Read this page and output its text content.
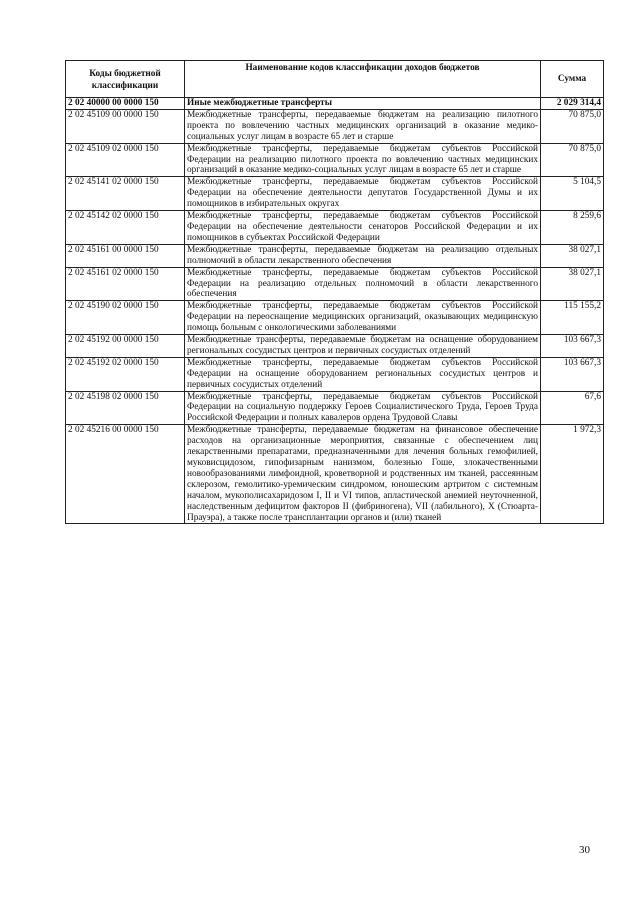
Коды бюджетной классификации	Наименование кодов классификации доходов бюджетов	Сумма
2 02 40000 00 0000 150	Иные межбюджетные трансферты	2 029 314,4
2 02 45109 00 0000 150	Межбюджетные трансферты, передаваемые бюджетам на реализацию пилотного проекта по вовлечению частных медицинских организаций в оказание медико-социальных услуг лицам в возрасте 65 лет и старше	70 875,0
2 02 45109 02 0000 150	Межбюджетные трансферты, передаваемые бюджетам субъектов Российской Федерации на реализацию пилотного проекта по вовлечению частных медицинских организаций в оказание медико-социальных услуг лицам в возрасте 65 лет и старше	70 875,0
2 02 45141 02 0000 150	Межбюджетные трансферты, передаваемые бюджетам субъектов Российской Федерации на обеспечение деятельности депутатов Государственной Думы и их помощников в избирательных округах	5 104,5
2 02 45142 02 0000 150	Межбюджетные трансферты, передаваемые бюджетам субъектов Российской Федерации на обеспечение деятельности сенаторов Российской Федерации и их помощников в субъектах Российской Федерации	8 259,6
2 02 45161 00 0000 150	Межбюджетные трансферты, передаваемые бюджетам на реализацию отдельных полномочий в области лекарственного обеспечения	38 027,1
2 02 45161 02 0000 150	Межбюджетные трансферты, передаваемые бюджетам субъектов Российской Федерации на реализацию отдельных полномочий в области лекарственного обеспечения	38 027,1
2 02 45190 02 0000 150	Межбюджетные трансферты, передаваемые бюджетам субъектов Российской Федерации на переоснащение медицинских организаций, оказывающих медицинскую помощь больным с онкологическими заболеваниями	115 155,2
2 02 45192 00 0000 150	Межбюджетные трансферты, передаваемые бюджетам на оснащение оборудованием региональных сосудистых центров и первичных сосудистых отделений	103 667,3
2 02 45192 02 0000 150	Межбюджетные трансферты, передаваемые бюджетам субъектов Российской Федерации на оснащение оборудованием региональных сосудистых центров и первичных сосудистых отделений	103 667,3
2 02 45198 02 0000 150	Межбюджетные трансферты, передаваемые бюджетам субъектов Российской Федерации на социальную поддержку Героев Социалистического Труда, Героев Труда Российской Федерации и полных кавалеров ордена Трудовой Славы	67,6
2 02 45216 00 0000 150	Межбюджетные трансферты, передаваемые бюджетам на финансовое обеспечение расходов на организационные мероприятия, связанные с обеспечением лиц лекарственными препаратами, предназначенными для лечения больных гемофилией, муковисцидозом, гипофизарным нанизмом, болезнью Гоше, злокачественными новообразованиями лимфоидной, кроветворной и родственных им тканей, рассеянным склерозом, гемолитико-уремическим синдромом, юношеским артритом с системным началом, мукополисахаридозом I, II и VI типов, апластической анемией неуточненной, наследственным дефицитом факторов II (фибриногена), VII (лабильного), X (Стюарта-Прауэра), а также после трансплантации органов и (или) тканей	1 972,3
30
